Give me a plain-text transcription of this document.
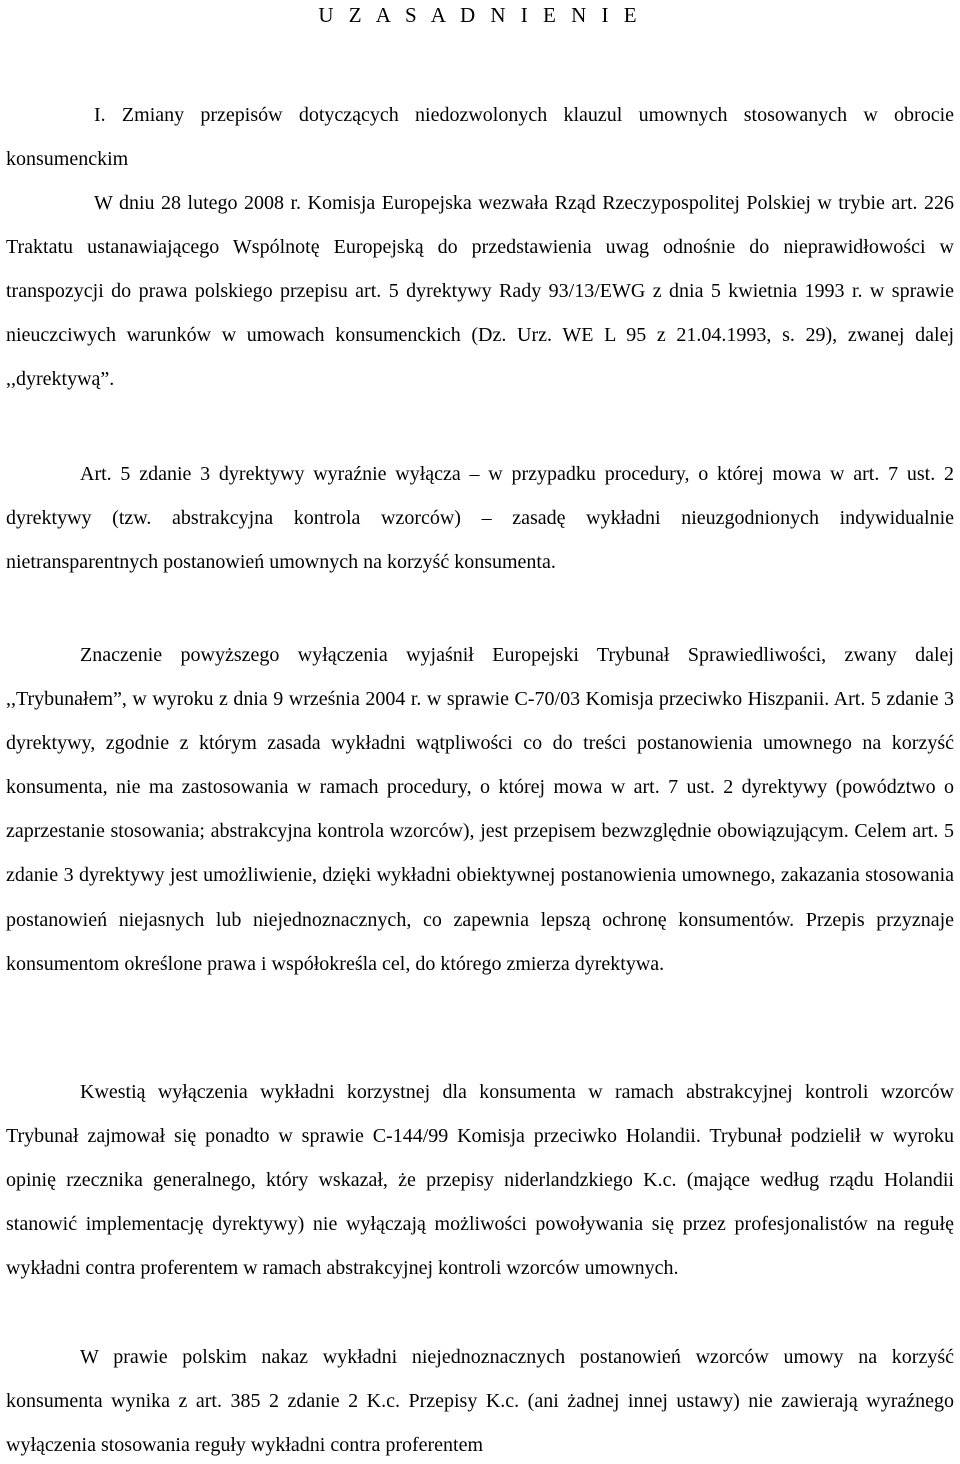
U Z A S A D N I E N I E

I. Zmiany przepisów dotyczących niedozwolonych klauzul umownych stosowanych w obrocie konsumenckim

W dniu 28 lutego 2008 r. Komisja Europejska wezwała Rząd Rzeczypospolitej Polskiej w trybie art. 226 Traktatu ustanawiającego Wspólnotę Europejską do przedstawienia uwag odnośnie do nieprawidłowości w transpozycji do prawa polskiego przepisu art. 5 dyrektywy Rady 93/13/EWG z dnia 5 kwietnia 1993 r. w sprawie nieuczciwych warunków w umowach konsumenckich (Dz. Urz. WE L 95 z 21.04.1993, s. 29), zwanej dalej ,,dyrektywą”.

Art. 5 zdanie 3 dyrektywy wyraźnie wyłącza – w przypadku procedury, o której mowa w art. 7 ust. 2 dyrektywy (tzw. abstrakcyjna kontrola wzorców) – zasadę wykładni nieuzgodnionych indywidualnie nietransparentnych postanowień umownych na korzyść konsumenta.

Znaczenie powyższego wyłączenia wyjaśnił Europejski Trybunał Sprawiedliwości, zwany dalej ,,Trybunałem”, w wyroku z dnia 9 września 2004 r. w sprawie C-70/03 Komisja przeciwko Hiszpanii. Art. 5 zdanie 3 dyrektywy, zgodnie z którym zasada wykładni wątpliwości co do treści postanowienia umownego na korzyść konsumenta, nie ma zastosowania w ramach procedury, o której mowa w art. 7 ust. 2 dyrektywy (powództwo o zaprzestanie stosowania; abstrakcyjna kontrola wzorców), jest przepisem bezwzględnie obowiązującym. Celem art. 5 zdanie 3 dyrektywy jest umożliwienie, dzięki wykładni obiektywnej postanowienia umownego, zakazania stosowania postanowień niejasnych lub niejednoznacznych, co zapewnia lepszą ochronę konsumentów. Przepis przyznaje konsumentom określone prawa i współokreśla cel, do którego zmierza dyrektywa.

Kwestią wyłączenia wykładni korzystnej dla konsumenta w ramach abstrakcyjnej kontroli wzorców Trybunał zajmował się ponadto w sprawie C-144/99 Komisja przeciwko Holandii. Trybunał podzielił w wyroku opinię rzecznika generalnego, który wskazał, że przepisy niderlandzkiego K.c. (mające według rządu Holandii stanowić implementację dyrektywy) nie wyłączają możliwości powoływania się przez profesjonalistów na regułę wykładni contra proferentem w ramach abstrakcyjnej kontroli wzorców umownych.

W prawie polskim nakaz wykładni niejednoznacznych postanowień wzorców umowy na korzyść konsumenta wynika z art. 385 2 zdanie 2 K.c. Przepisy K.c. (ani żadnej innej ustawy) nie zawierają wyraźnego wyłączenia stosowania reguły wykładni contra proferentem
